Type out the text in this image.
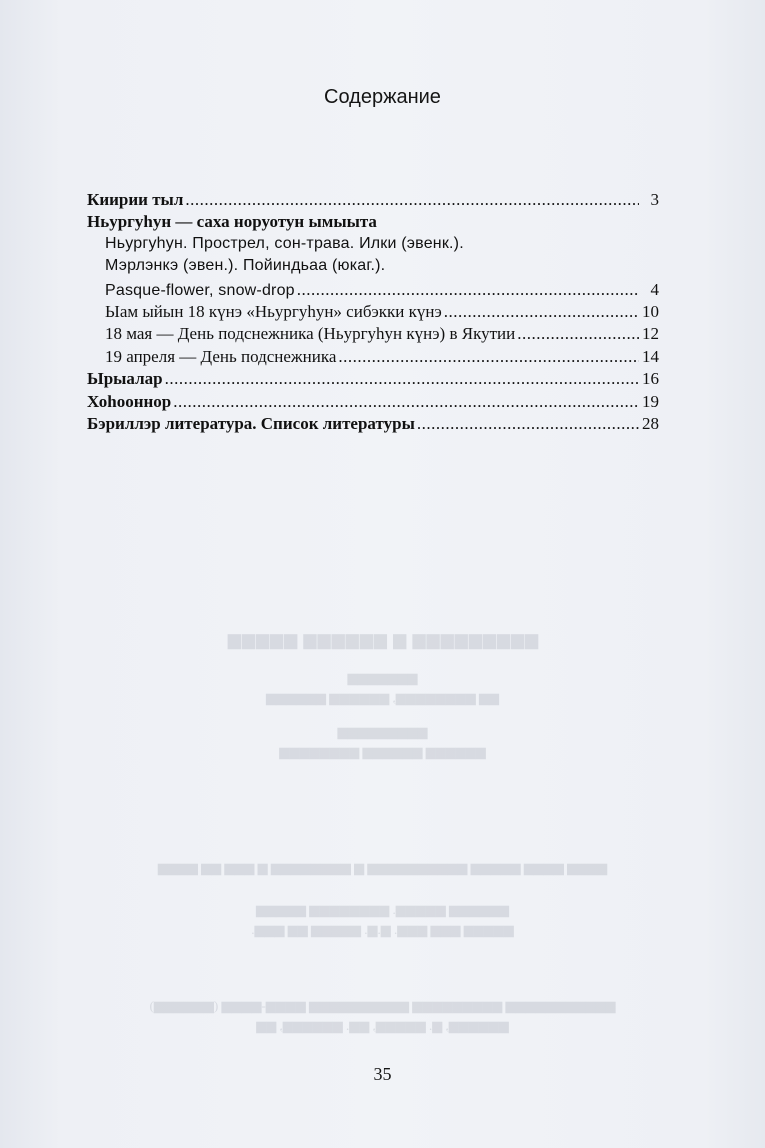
Содержание
Киирии тыл .....	3
Ньургуһун — саха норуотун ымыыта
Ньургуһун. Прострел, сон-трава. Илки (эвенк.).
Мэрлэнкэ (эвен.). Пойиндьаа (юкаг.).
Pasque-flower, snow-drop .....	4
Ыам ыйын 18 күнэ «Ньургуһун» сибэкки күнэ .....	10
18 мая — День подснежника (Ньургуһун күнэ) в Якутии .....	12
19 апреля — День подснежника .....	14
Ырыалар .....	16
Хоһооннор .....	19
Бэриллэр литература. Список литературы .....	28
▆▆▆▆▆▆▆▆▆ ▆ ▆▆▆▆▆▆ ▆▆▆▆▆
▆▆▆▆▆▆▆
▆▆ ▆▆▆▆▆▆▆▆, ▆▆▆▆▆▆ ▆▆▆▆▆▆
▆▆▆▆▆▆▆▆▆
▆▆▆▆▆▆ ▆▆▆▆▆▆ ▆▆▆▆▆▆▆▆
▆▆▆▆ ▆▆▆▆ ▆▆▆▆▆ ▆▆▆▆▆▆▆▆▆▆ ▆ ▆▆▆▆▆▆▆▆ ▆ ▆▆▆ ▆▆ ▆▆▆▆
▆▆▆▆▆▆ ▆▆▆▆▆. ▆▆▆▆▆▆▆▆ ▆▆▆▆▆
▆▆▆▆▆ ▆▆▆ ▆▆▆. ▆.▆. ▆▆▆▆▆ ▆▆ ▆▆▆.
▆▆▆▆▆▆▆▆▆▆▆ ▆▆▆▆▆▆▆▆▆ ▆▆▆▆▆▆▆▆▆▆ ▆▆▆▆-▆▆▆▆ (▆▆▆▆▆▆)
▆▆▆▆▆▆, ▆. ▆▆▆▆▆, ▆▆. ▆▆▆▆▆▆, ▆▆
35
